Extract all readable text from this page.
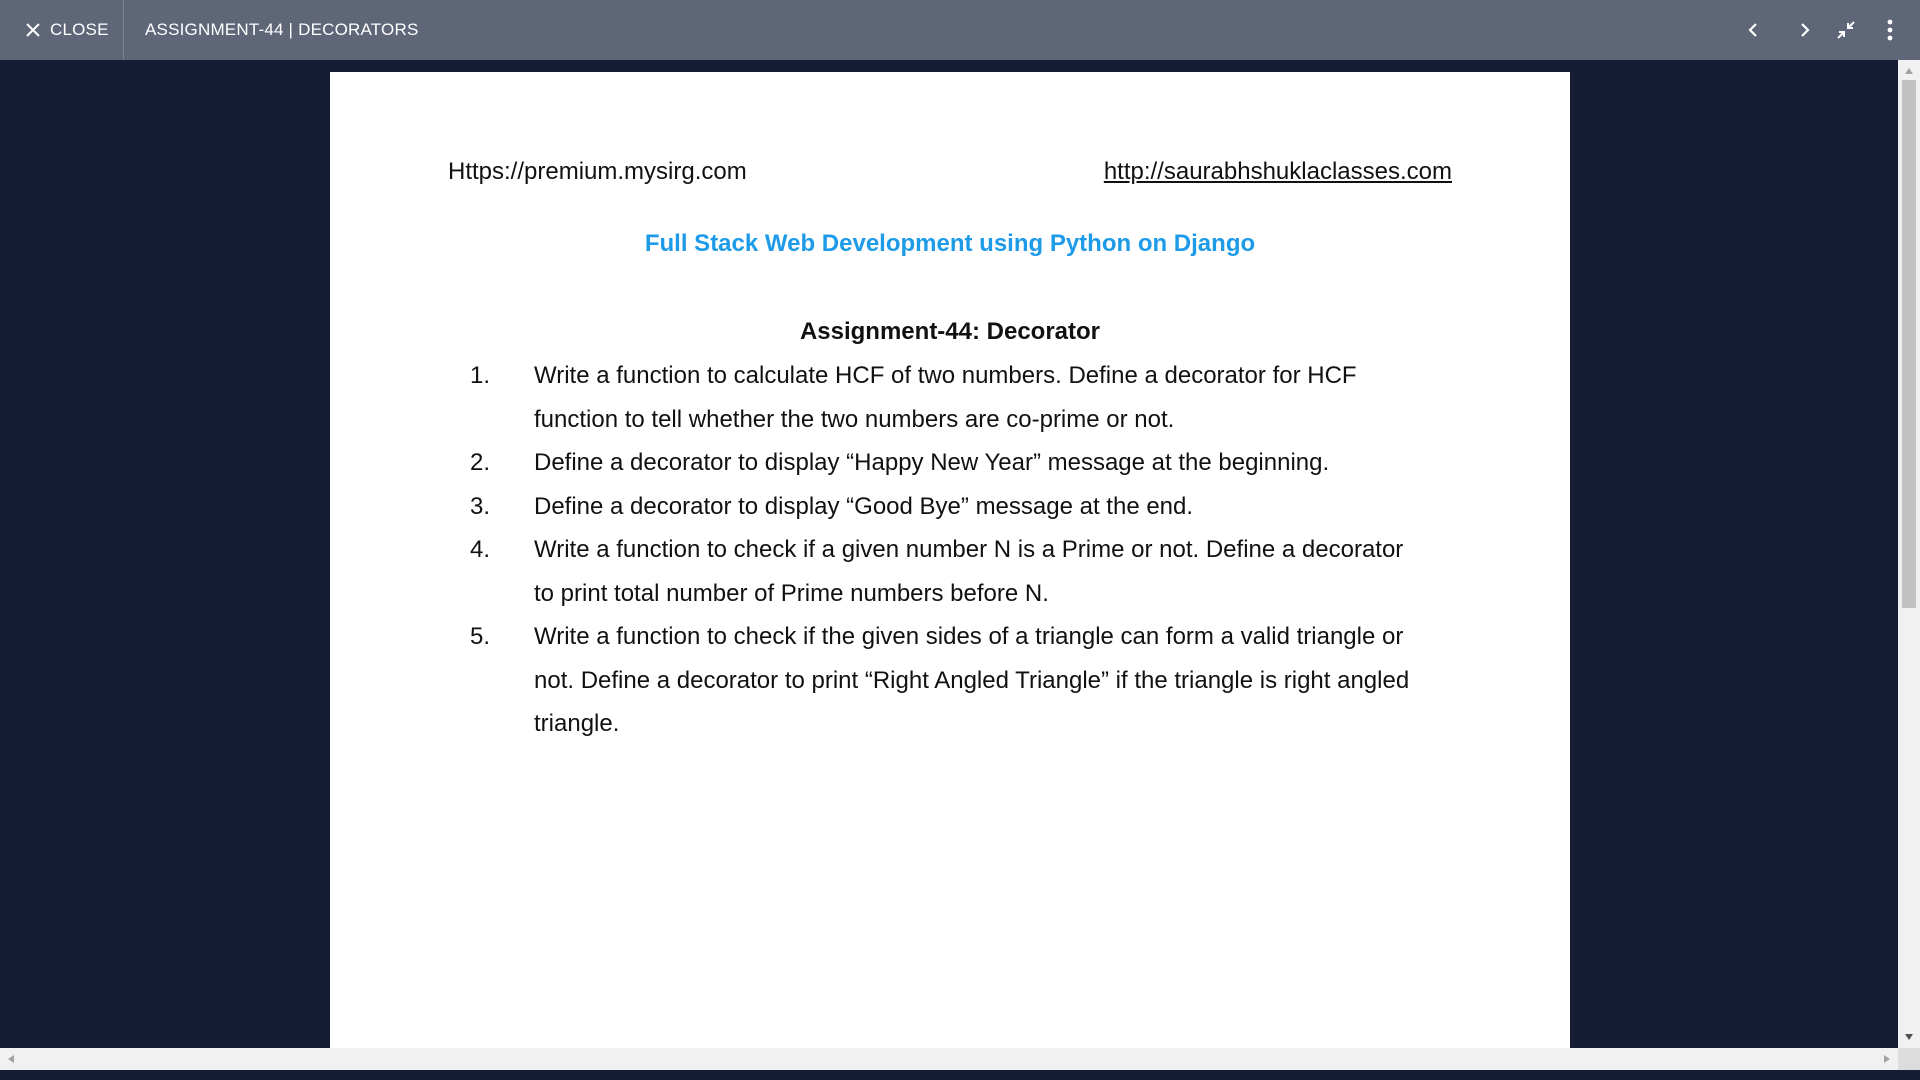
CLOSE ASSIGNMENT-44 | DECORATORS
Https://premium.mysirg.com	http://saurabhshuklaclasses.com
Full Stack Web Development using Python on Django
Assignment-44: Decorator
1. Write a function to calculate HCF of two numbers. Define a decorator for HCF
function to tell whether the two numbers are co-prime or not.
2. Define a decorator to display “Happy New Year” message at the beginning.
3. Define a decorator to display “Good Bye” message at the end.
4. Write a function to check if a given number N is a Prime or not. Define a decorator
to print total number of Prime numbers before N.
5. Write a function to check if the given sides of a triangle can form a valid triangle or
not. Define a decorator to print “Right Angled Triangle” if the triangle is right angled
triangle.
